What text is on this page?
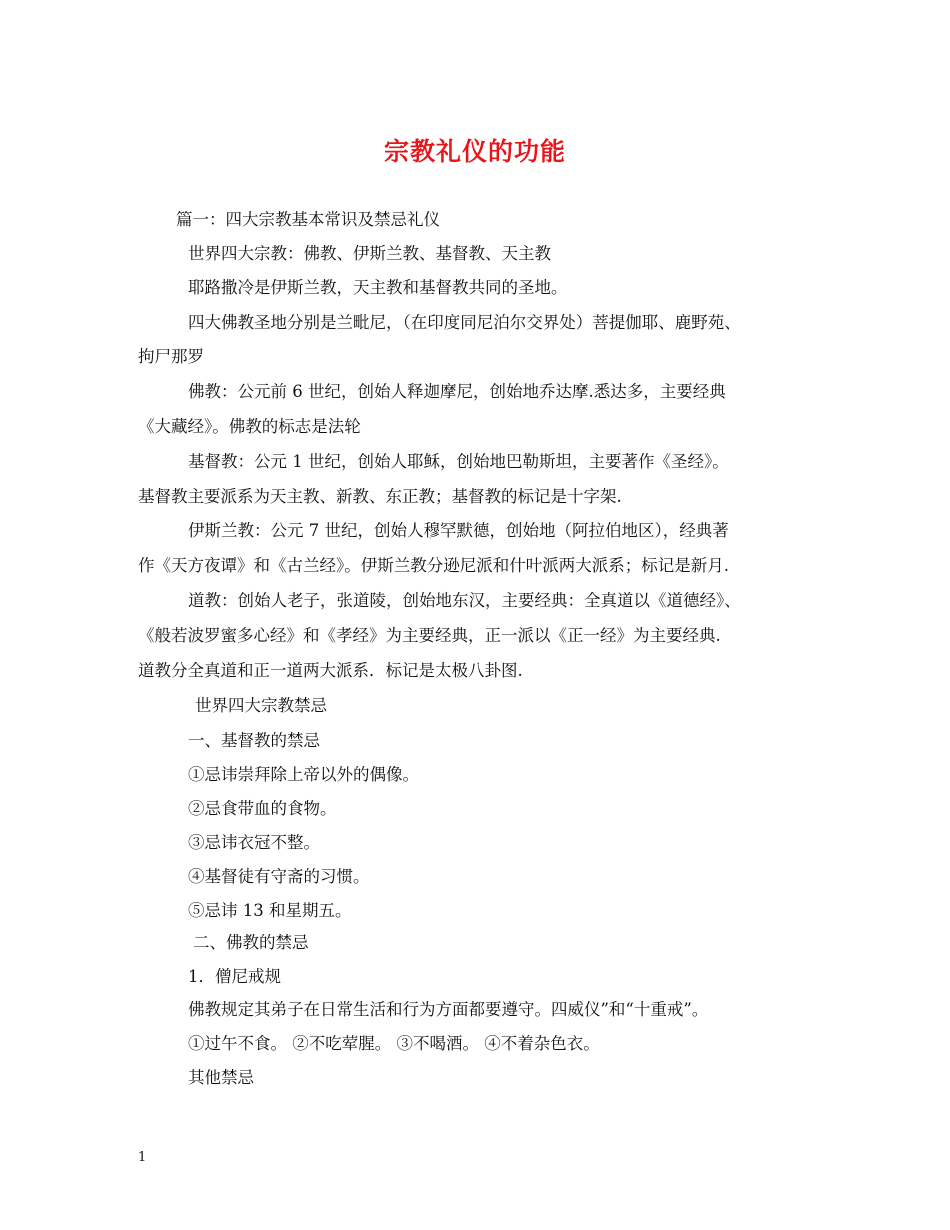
宗教礼仪的功能
篇一：四大宗教基本常识及禁忌礼仪
世界四大宗教：佛教、伊斯兰教、基督教、天主教
耶路撒冷是伊斯兰教，天主教和基督教共同的圣地。
四大佛教圣地分别是兰毗尼，（在印度同尼泊尔交界处）菩提伽耶、鹿野苑、
拘尸那罗
佛教：公元前 6 世纪，创始人释迦摩尼，创始地乔达摩.悉达多，主要经典
《大藏经》。佛教的标志是法轮
基督教：公元 1 世纪，创始人耶稣，创始地巴勒斯坦，主要著作《圣经》。
基督教主要派系为天主教、新教、东正教；基督教的标记是十字架.
伊斯兰教：公元 7 世纪，创始人穆罕默德，创始地（阿拉伯地区），经典著
作《天方夜谭》和《古兰经》。伊斯兰教分逊尼派和什叶派两大派系；标记是新月.
道教：创始人老子，张道陵，创始地东汉，主要经典：全真道以《道德经》、
《般若波罗蜜多心经》和《孝经》为主要经典，正一派以《正一经》为主要经典.
道教分全真道和正一道两大派系．标记是太极八卦图.
世界四大宗教禁忌
一、基督教的禁忌
①忌讳崇拜除上帝以外的偶像。
②忌食带血的食物。
③忌讳衣冠不整。
④基督徒有守斋的习惯。
⑤忌讳 13 和星期五。
二、佛教的禁忌
1．僧尼戒规
佛教规定其弟子在日常生活和行为方面都要遵守。四威仪”和“十重戒”。
①过午不食。 ②不吃荤腥。 ③不喝酒。 ④不着杂色衣。
其他禁忌
1
